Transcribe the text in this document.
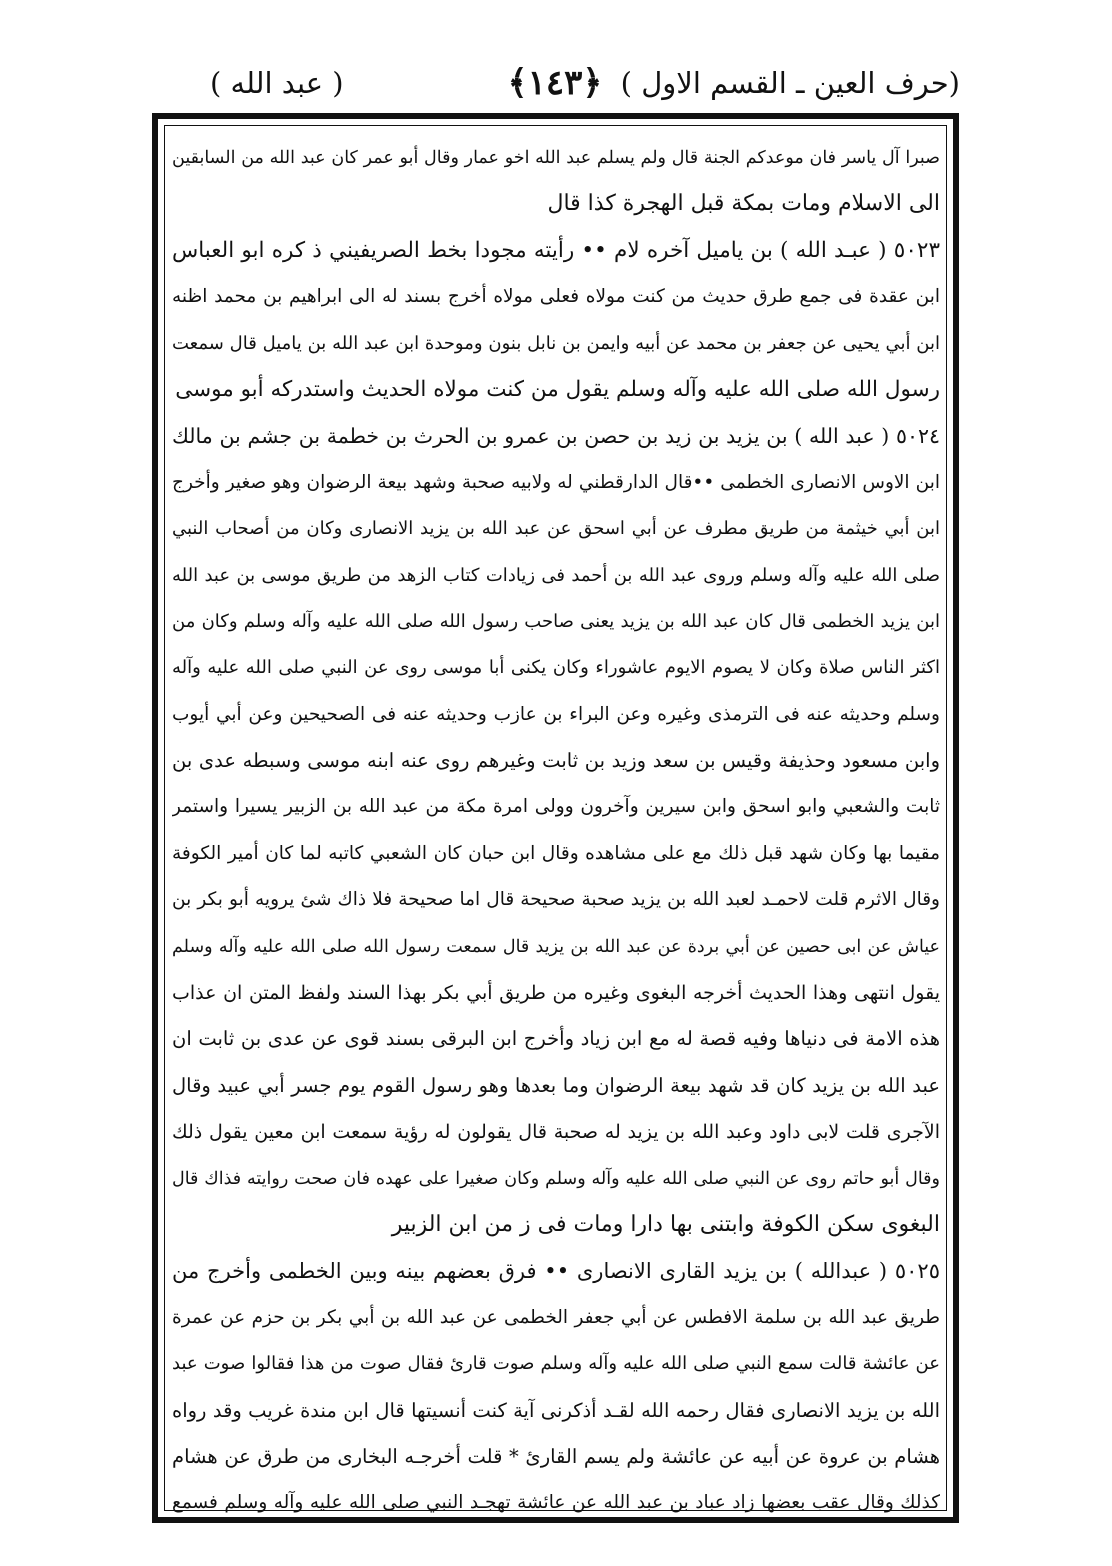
(حرف العين ـ القسم الاول )
﴿١٤٣﴾
( عبد الله )
صبرا آل ياسر فان موعدكم الجنة قال ولم يسلم عبد الله اخو عمار وقال أبو عمر كان عبد الله من السابقين
الى الاسلام ومات بمكة قبل الهجرة كذا قال
٥٠٢٣ ( عبـد الله ) بن ياميل آخره لام •• رأيته مجودا بخط الصريفيني ذ كره ابو العباس
ابن عقدة فى جمع طرق حديث من كنت مولاه فعلى مولاه أخرج بسند له الى ابراهيم بن محمد اظنه
ابن أبي يحيى عن جعفر بن محمد عن أبيه وايمن بن نابل بنون وموحدة ابن عبد الله بن ياميل قال سمعت
رسول الله صلى الله عليه وآله وسلم يقول من كنت مولاه الحديث واستدركه أبو موسى
٥٠٢٤ ( عبد الله ) بن يزيد بن زيد بن حصن بن عمرو بن الحرث بن خطمة بن جشم بن مالك
ابن الاوس الانصارى الخطمى ••قال الدارقطني له ولابيه صحبة وشهد بيعة الرضوان وهو صغير وأخرج
ابن أبي خيثمة من طريق مطرف عن أبي اسحق عن عبد الله بن يزيد الانصارى وكان من أصحاب النبي
صلى الله عليه وآله وسلم وروى عبد الله بن أحمد فى زيادات كتاب الزهد من طريق موسى بن عبد الله
ابن يزيد الخطمى قال كان عبد الله بن يزيد يعنى صاحب رسول الله صلى الله عليه وآله وسلم وكان من
اكثر الناس صلاة وكان لا يصوم الايوم عاشوراء وكان يكنى أبا موسى روى عن النبي صلى الله عليه وآله
وسلم وحديثه عنه فى الترمذى وغيره وعن البراء بن عازب وحديثه عنه فى الصحيحين وعن أبي أيوب
وابن مسعود وحذيفة وقيس بن سعد وزيد بن ثابت وغيرهم روى عنه ابنه موسى وسبطه عدى بن
ثابت والشعبي وابو اسحق وابن سيرين وآخرون وولى امرة مكة من عبد الله بن الزبير يسيرا واستمر
مقيما بها وكان شهد قبل ذلك مع على مشاهده وقال ابن حبان كان الشعبي كاتبه لما كان أمير الكوفة
وقال الاثرم قلت لاحمـد لعبد الله بن يزيد صحبة صحيحة قال اما صحيحة فلا ذاك شئ يرويه أبو بكر بن
عياش عن ابى حصين عن أبي بردة عن عبد الله بن يزيد قال سمعت رسول الله صلى الله عليه وآله وسلم
يقول انتهى وهذا الحديث أخرجه البغوى وغيره من طريق أبي بكر بهذا السند ولفظ المتن ان عذاب
هذه الامة فى دنياها وفيه قصة له مع ابن زياد وأخرج ابن البرقى بسند قوى عن عدى بن ثابت ان
عبد الله بن يزيد كان قد شهد بيعة الرضوان وما بعدها وهو رسول القوم يوم جسر أبي عبيد وقال
الآجرى قلت لابى داود وعبد الله بن يزيد له صحبة قال يقولون له رؤية سمعت ابن معين يقول ذلك
وقال أبو حاتم روى عن النبي صلى الله عليه وآله وسلم وكان صغيرا على عهده فان صحت روايته فذاك قال
البغوى سكن الكوفة وابتنى بها دارا ومات فى ز من ابن الزبير
٥٠٢٥ ( عبدالله ) بن يزيد القارى الانصارى •• فرق بعضهم بينه وبين الخطمى وأخرج من
طريق عبد الله بن سلمة الافطس عن أبي جعفر الخطمى عن عبد الله بن أبي بكر بن حزم عن عمرة
عن عائشة قالت سمع النبي صلى الله عليه وآله وسلم صوت قارئ فقال صوت من هذا فقالوا صوت عبد
الله بن يزيد الانصارى فقال رحمه الله لقـد أذكرنى آية كنت أنسيتها قال ابن مندة غريب وقد رواه
هشام بن عروة عن أبيه عن عائشة ولم يسم القارئ * قلت أخرجـه البخارى من طرق عن هشام
كذلك وقال عقب بعضها زاد عباد بن عبد الله عن عائشة تهجـد النبي صلى الله عليه وآله وسلم فسمع
